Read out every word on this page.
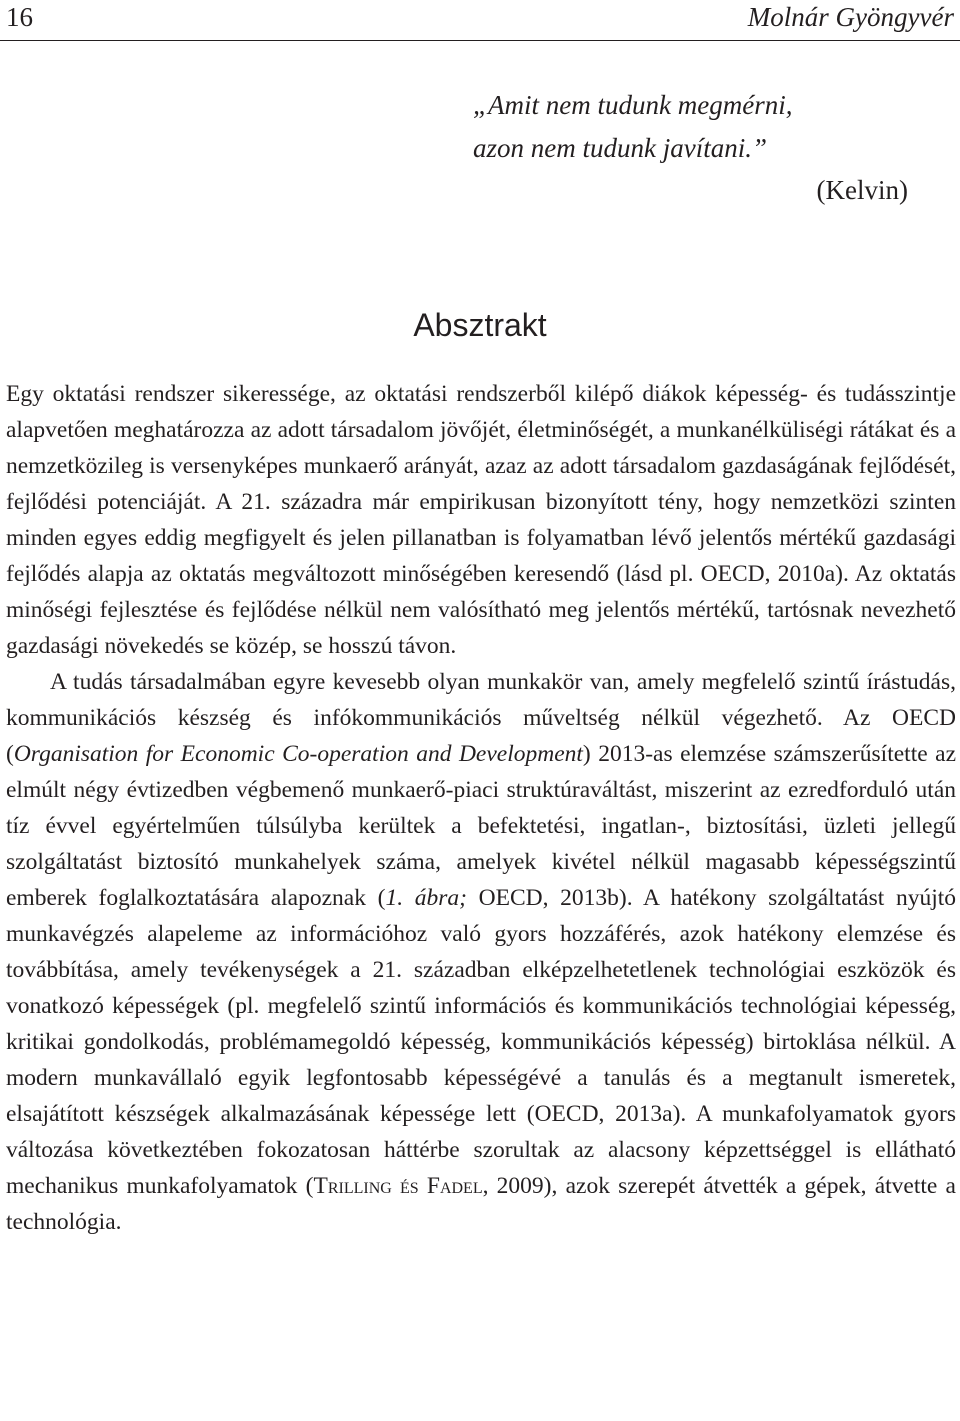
16	Molnár Gyöngyvér
„Amit nem tudunk megmérni,
azon nem tudunk javítani.”
(Kelvin)
Absztrakt

Egy oktatási rendszer sikeressége, az oktatási rendszerből kilépő diákok képesség- és tudásszintje alapvetően meghatározza az adott társadalom jövőjét, életminőségét, a munkanélküliségi rátákat és a nemzetközileg is versenyképes munkaerő arányát, azaz az adott társadalom gazdaságának fejlődését, fejlődési potenciáját. A 21. századra már empirikusan bizonyított tény, hogy nemzetközi szinten minden egyes eddig megfigyelt és jelen pillanatban is folyamatban lévő jelentős mértékű gazdasági fejlődés alapja az oktatás megváltozott minőségében keresendő (lásd pl. OECD, 2010a). Az oktatás minőségi fejlesztése és fejlődése nélkül nem valósítható meg jelentős mértékű, tartósnak nevezhető gazdasági növekedés se közép, se hosszú távon.

A tudás társadalmában egyre kevesebb olyan munkakör van, amely megfelelő szintű írástudás, kommunikációs készség és infókommunikációs műveltség nélkül végezhető. Az OECD (Organisation for Economic Co-operation and Development) 2013-as elemzése számszerűsítette az elmúlt négy évtizedben végbemenő munkaerő-piaci struktúraváltást, miszerint az ezredforduló után tíz évvel egyértelműen túlsúlyba kerültek a befektetési, ingatlan-, biztosítási, üzleti jellegű szolgáltatást biztosító munkahelyek száma, amelyek kivétel nélkül magasabb képességszintű emberek foglalkoztatására alapoznak (1. ábra; OECD, 2013b). A hatékony szolgáltatást nyújtó munkavégzés alapeleme az információhoz való gyors hozzáférés, azok hatékony elemzése és továbbítása, amely tevékenységek a 21. században elképzelhetetlenek technológiai eszközök és vonatkozó képességek (pl. megfelelő szintű információs és kommunikációs technológiai képesség, kritikai gondolkodás, problémamegoldó képesség, kommunikációs képesség) birtoklása nélkül. A modern munkavállaló egyik legfontosabb képességévé a tanulás és a megtanult ismeretek, elsajátított készségek alkalmazásának képessége lett (OECD, 2013a). A munkafolyamatok gyors változása következtében fokozatosan háttérbe szorultak az alacsony képzettséggel is ellátható mechanikus munkafolyamatok (Trilling és Fadel, 2009), azok szerepét átvették a gépek, átvette a technológia.
